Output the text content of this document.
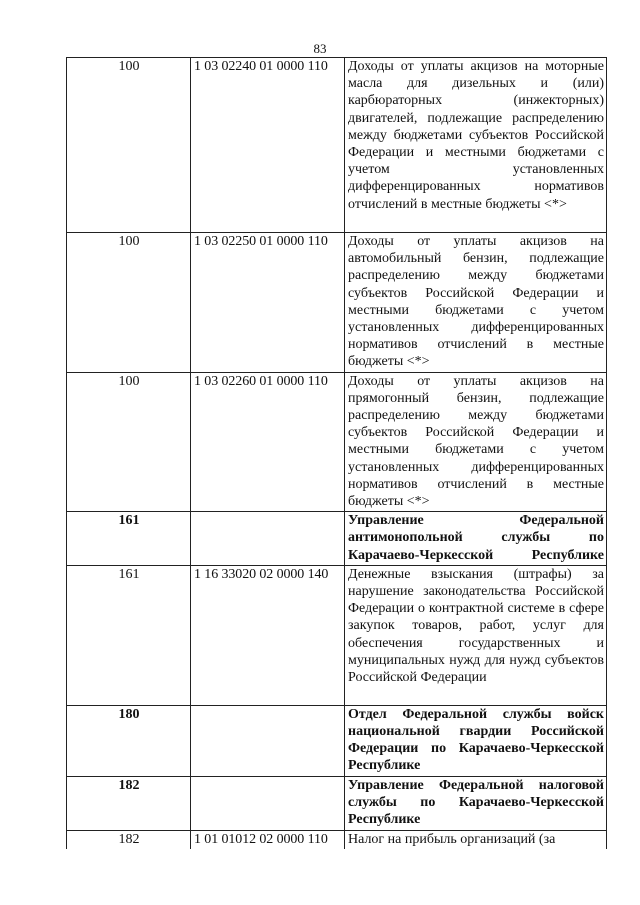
83
100	1 03 02240 01 0000 110	Доходы от уплаты акцизов на моторные масла для дизельных и (или) карбюраторных (инжекторных) двигателей, подлежащие распределению между бюджетами субъектов Российской Федерации и местными бюджетами с учетом установленных дифференцированных нормативов отчислений в местные бюджеты <*>
100	1 03 02250 01 0000 110	Доходы от уплаты акцизов на автомобильный бензин, подлежащие распределению между бюджетами субъектов Российской Федерации и местными бюджетами с учетом установленных дифференцированных нормативов отчислений в местные бюджеты <*>
100	1 03 02260 01 0000 110	Доходы от уплаты акцизов на прямогонный бензин, подлежащие распределению между бюджетами субъектов Российской Федерации и местными бюджетами с учетом установленных дифференцированных нормативов отчислений в местные бюджеты <*>
161		Управление Федеральной антимонопольной службы по Карачаево-Черкесской Республике
161	1 16 33020 02 0000 140	Денежные взыскания (штрафы) за нарушение законодательства Российской Федерации о контрактной системе в сфере закупок товаров, работ, услуг для обеспечения государственных и муниципальных нужд для нужд субъектов Российской Федерации
180		Отдел Федеральной службы войск национальной гвардии Российской Федерации по Карачаево-Черкесской Республике
182		Управление Федеральной налоговой службы по Карачаево-Черкесской Республике
182	1 01 01012 02 0000 110	Налог на прибыль организаций (за
